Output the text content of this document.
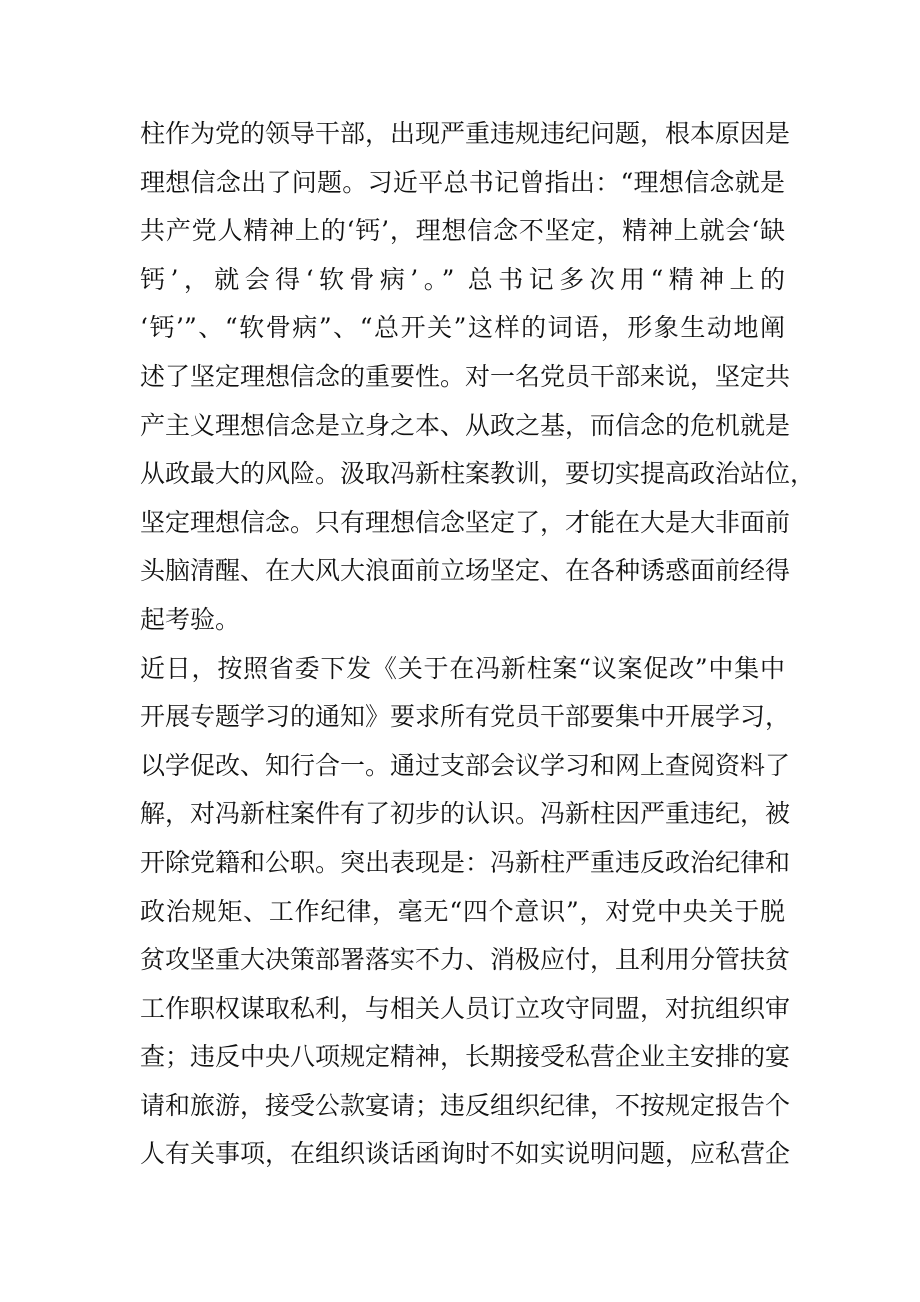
柱作为党的领导干部，出现严重违规违纪问题，根本原因是
理想信念出了问题。习近平总书记曾指出：“理想信念就是
共产党人精神上的‘钙’，理想信念不坚定，精神上就会‘缺
钙’，就会得‘软骨病’。” 总书记多次用“精神上的
‘钙’”、“软骨病”、“总开关”这样的词语，形象生动地阐
述了坚定理想信念的重要性。对一名党员干部来说，坚定共
产主义理想信念是立身之本、从政之基，而信念的危机就是
从政最大的风险。汲取冯新柱案教训，要切实提高政治站位，
坚定理想信念。只有理想信念坚定了，才能在大是大非面前
头脑清醒、在大风大浪面前立场坚定、在各种诱惑面前经得
起考验。
近日，按照省委下发《关于在冯新柱案“议案促改”中集中
开展专题学习的通知》要求所有党员干部要集中开展学习，
以学促改、知行合一。通过支部会议学习和网上查阅资料了
解，对冯新柱案件有了初步的认识。冯新柱因严重违纪，被
开除党籍和公职。突出表现是：冯新柱严重违反政治纪律和
政治规矩、工作纪律，毫无“四个意识”，对党中央关于脱
贫攻坚重大决策部署落实不力、消极应付，且利用分管扶贫
工作职权谋取私利，与相关人员订立攻守同盟，对抗组织审
查；违反中央八项规定精神，长期接受私营企业主安排的宴
请和旅游，接受公款宴请；违反组织纪律，不按规定报告个
人有关事项，在组织谈话函询时不如实说明问题，应私营企
